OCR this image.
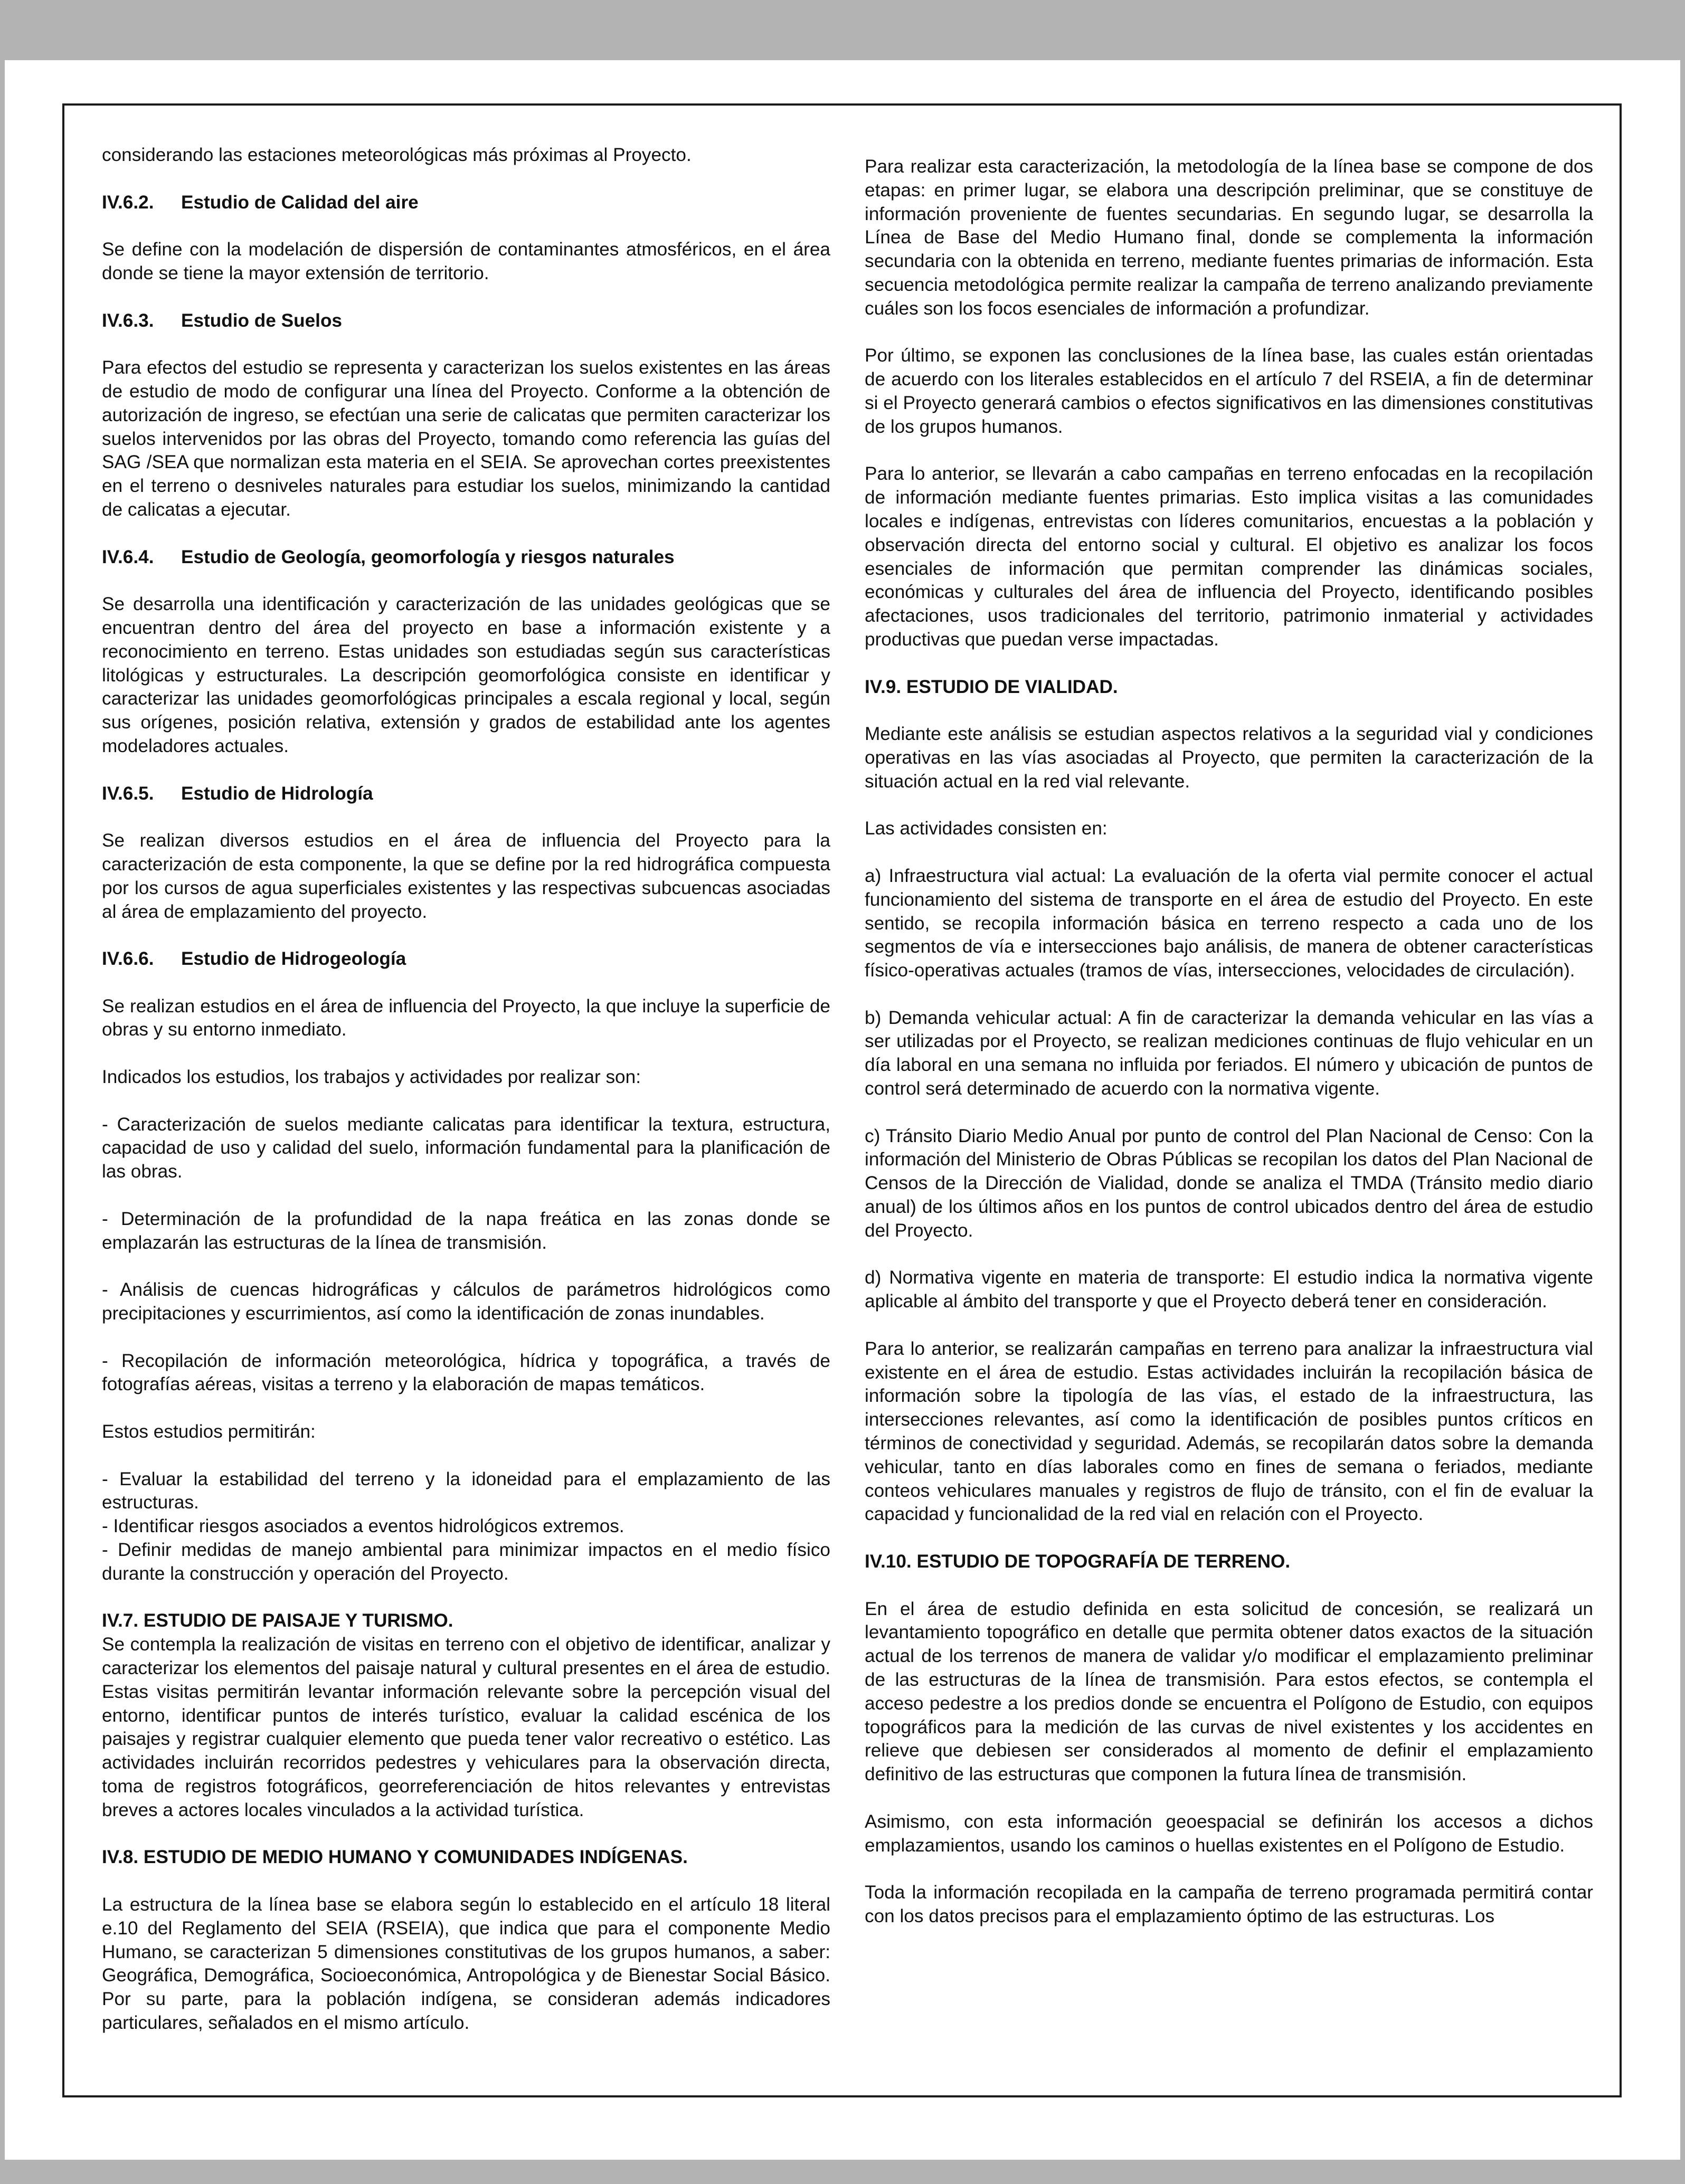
considerando las estaciones meteorológicas más próximas al Proyecto.

IV.6.2. Estudio de Calidad del aire

Se define con la modelación de dispersión de contaminantes atmosféricos, en el área donde se tiene la mayor extensión de territorio.

IV.6.3. Estudio de Suelos

Para efectos del estudio se representa y caracterizan los suelos existentes en las áreas de estudio de modo de configurar una línea del Proyecto. Conforme a la obtención de autorización de ingreso, se efectúan una serie de calicatas que permiten caracterizar los suelos intervenidos por las obras del Proyecto, tomando como referencia las guías del SAG /SEA que normalizan esta materia en el SEIA. Se aprovechan cortes preexistentes en el terreno o desniveles naturales para estudiar los suelos, minimizando la cantidad de calicatas a ejecutar.

IV.6.4. Estudio de Geología, geomorfología y riesgos naturales

Se desarrolla una identificación y caracterización de las unidades geológicas que se encuentran dentro del área del proyecto en base a información existente y a reconocimiento en terreno. Estas unidades son estudiadas según sus características litológicas y estructurales. La descripción geomorfológica consiste en identificar y caracterizar las unidades geomorfológicas principales a escala regional y local, según sus orígenes, posición relativa, extensión y grados de estabilidad ante los agentes modeladores actuales.

IV.6.5. Estudio de Hidrología

Se realizan diversos estudios en el área de influencia del Proyecto para la caracterización de esta componente, la que se define por la red hidrográfica compuesta por los cursos de agua superficiales existentes y las respectivas subcuencas asociadas al área de emplazamiento del proyecto.

IV.6.6. Estudio de Hidrogeología

Se realizan estudios en el área de influencia del Proyecto, la que incluye la superficie de obras y su entorno inmediato.

Indicados los estudios, los trabajos y actividades por realizar son:

- Caracterización de suelos mediante calicatas para identificar la textura, estructura, capacidad de uso y calidad del suelo, información fundamental para la planificación de las obras.

- Determinación de la profundidad de la napa freática en las zonas donde se emplazarán las estructuras de la línea de transmisión.

- Análisis de cuencas hidrográficas y cálculos de parámetros hidrológicos como precipitaciones y escurrimientos, así como la identificación de zonas inundables.

- Recopilación de información meteorológica, hídrica y topográfica, a través de fotografías aéreas, visitas a terreno y la elaboración de mapas temáticos.

Estos estudios permitirán:

- Evaluar la estabilidad del terreno y la idoneidad para el emplazamiento de las estructuras.

- Identificar riesgos asociados a eventos hidrológicos extremos.

- Definir medidas de manejo ambiental para minimizar impactos en el medio físico durante la construcción y operación del Proyecto.

IV.7. ESTUDIO DE PAISAJE Y TURISMO.

Se contempla la realización de visitas en terreno con el objetivo de identificar, analizar y caracterizar los elementos del paisaje natural y cultural presentes en el área de estudio. Estas visitas permitirán levantar información relevante sobre la percepción visual del entorno, identificar puntos de interés turístico, evaluar la calidad escénica de los paisajes y registrar cualquier elemento que pueda tener valor recreativo o estético. Las actividades incluirán recorridos pedestres y vehiculares para la observación directa, toma de registros fotográficos, georreferenciación de hitos relevantes y entrevistas breves a actores locales vinculados a la actividad turística.

IV.8. ESTUDIO DE MEDIO HUMANO Y COMUNIDADES INDÍGENAS.

La estructura de la línea base se elabora según lo establecido en el artículo 18 literal e.10 del Reglamento del SEIA (RSEIA), que indica que para el componente Medio Humano, se caracterizan 5 dimensiones constitutivas de los grupos humanos, a saber: Geográfica, Demográfica, Socioeconómica, Antropológica y de Bienestar Social Básico. Por su parte, para la población indígena, se consideran además indicadores particulares, señalados en el mismo artículo.

Para realizar esta caracterización, la metodología de la línea base se compone de dos etapas: en primer lugar, se elabora una descripción preliminar, que se constituye de información proveniente de fuentes secundarias. En segundo lugar, se desarrolla la Línea de Base del Medio Humano final, donde se complementa la información secundaria con la obtenida en terreno, mediante fuentes primarias de información. Esta secuencia metodológica permite realizar la campaña de terreno analizando previamente cuáles son los focos esenciales de información a profundizar.

Por último, se exponen las conclusiones de la línea base, las cuales están orientadas de acuerdo con los literales establecidos en el artículo 7 del RSEIA, a fin de determinar si el Proyecto generará cambios o efectos significativos en las dimensiones constitutivas de los grupos humanos.

Para lo anterior, se llevarán a cabo campañas en terreno enfocadas en la recopilación de información mediante fuentes primarias. Esto implica visitas a las comunidades locales e indígenas, entrevistas con líderes comunitarios, encuestas a la población y observación directa del entorno social y cultural. El objetivo es analizar los focos esenciales de información que permitan comprender las dinámicas sociales, económicas y culturales del área de influencia del Proyecto, identificando posibles afectaciones, usos tradicionales del territorio, patrimonio inmaterial y actividades productivas que puedan verse impactadas.

IV.9. ESTUDIO DE VIALIDAD.

Mediante este análisis se estudian aspectos relativos a la seguridad vial y condiciones operativas en las vías asociadas al Proyecto, que permiten la caracterización de la situación actual en la red vial relevante.

Las actividades consisten en:

a) Infraestructura vial actual: La evaluación de la oferta vial permite conocer el actual funcionamiento del sistema de transporte en el área de estudio del Proyecto. En este sentido, se recopila información básica en terreno respecto a cada uno de los segmentos de vía e intersecciones bajo análisis, de manera de obtener características físico-operativas actuales (tramos de vías, intersecciones, velocidades de circulación).

b) Demanda vehicular actual: A fin de caracterizar la demanda vehicular en las vías a ser utilizadas por el Proyecto, se realizan mediciones continuas de flujo vehicular en un día laboral en una semana no influida por feriados. El número y ubicación de puntos de control será determinado de acuerdo con la normativa vigente.

c) Tránsito Diario Medio Anual por punto de control del Plan Nacional de Censo: Con la información del Ministerio de Obras Públicas se recopilan los datos del Plan Nacional de Censos de la Dirección de Vialidad, donde se analiza el TMDA (Tránsito medio diario anual) de los últimos años en los puntos de control ubicados dentro del área de estudio del Proyecto.

d) Normativa vigente en materia de transporte: El estudio indica la normativa vigente aplicable al ámbito del transporte y que el Proyecto deberá tener en consideración.

Para lo anterior, se realizarán campañas en terreno para analizar la infraestructura vial existente en el área de estudio. Estas actividades incluirán la recopilación básica de información sobre la tipología de las vías, el estado de la infraestructura, las intersecciones relevantes, así como la identificación de posibles puntos críticos en términos de conectividad y seguridad. Además, se recopilarán datos sobre la demanda vehicular, tanto en días laborales como en fines de semana o feriados, mediante conteos vehiculares manuales y registros de flujo de tránsito, con el fin de evaluar la capacidad y funcionalidad de la red vial en relación con el Proyecto.

IV.10. ESTUDIO DE TOPOGRAFÍA DE TERRENO.

En el área de estudio definida en esta solicitud de concesión, se realizará un levantamiento topográfico en detalle que permita obtener datos exactos de la situación actual de los terrenos de manera de validar y/o modificar el emplazamiento preliminar de las estructuras de la línea de transmisión. Para estos efectos, se contempla el acceso pedestre a los predios donde se encuentra el Polígono de Estudio, con equipos topográficos para la medición de las curvas de nivel existentes y los accidentes en relieve que debiesen ser considerados al momento de definir el emplazamiento definitivo de las estructuras que componen la futura línea de transmisión.

Asimismo, con esta información geoespacial se definirán los accesos a dichos emplazamientos, usando los caminos o huellas existentes en el Polígono de Estudio.

Toda la información recopilada en la campaña de terreno programada permitirá contar con los datos precisos para el emplazamiento óptimo de las estructuras. Los
